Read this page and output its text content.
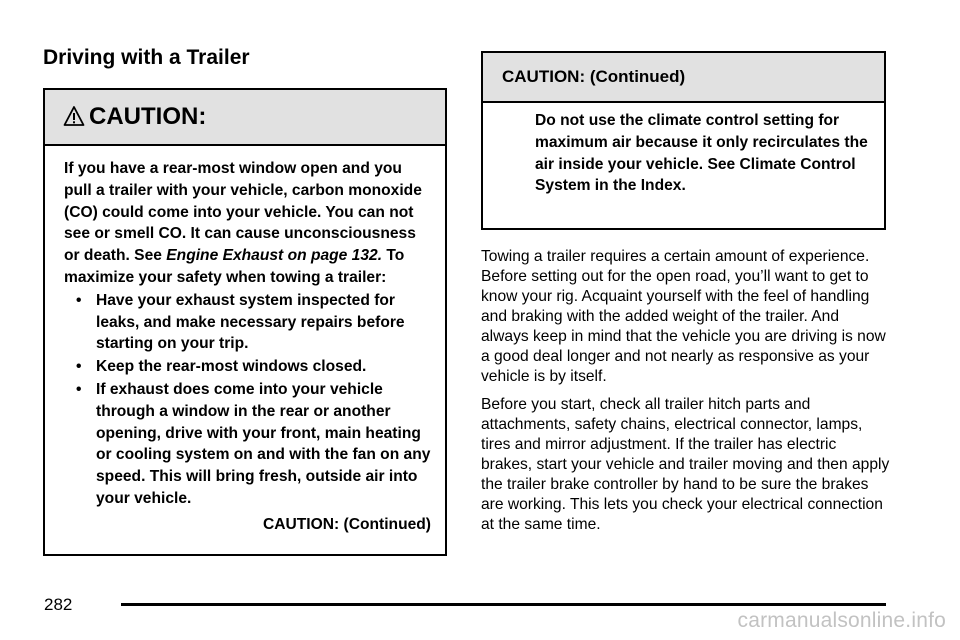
Driving with a Trailer
CAUTION:
If you have a rear-most window open and you pull a trailer with your vehicle, carbon monoxide (CO) could come into your vehicle. You can not see or smell CO. It can cause unconsciousness or death. See Engine Exhaust on page 132. To maximize your safety when towing a trailer:
• Have your exhaust system inspected for leaks, and make necessary repairs before starting on your trip.
• Keep the rear-most windows closed.
• If exhaust does come into your vehicle through a window in the rear or another opening, drive with your front, main heating or cooling system on and with the fan on any speed. This will bring fresh, outside air into your vehicle.
CAUTION: (Continued)
CAUTION: (Continued)
Do not use the climate control setting for maximum air because it only recirculates the air inside your vehicle. See Climate Control System in the Index.

Towing a trailer requires a certain amount of experience. Before setting out for the open road, you’ll want to get to know your rig. Acquaint yourself with the feel of handling and braking with the added weight of the trailer. And always keep in mind that the vehicle you are driving is now a good deal longer and not nearly as responsive as your vehicle is by itself.

Before you start, check all trailer hitch parts and attachments, safety chains, electrical connector, lamps, tires and mirror adjustment. If the trailer has electric brakes, start your vehicle and trailer moving and then apply the trailer brake controller by hand to be sure the brakes are working. This lets you check your electrical connection at the same time.

282
carmanualsonline.info
